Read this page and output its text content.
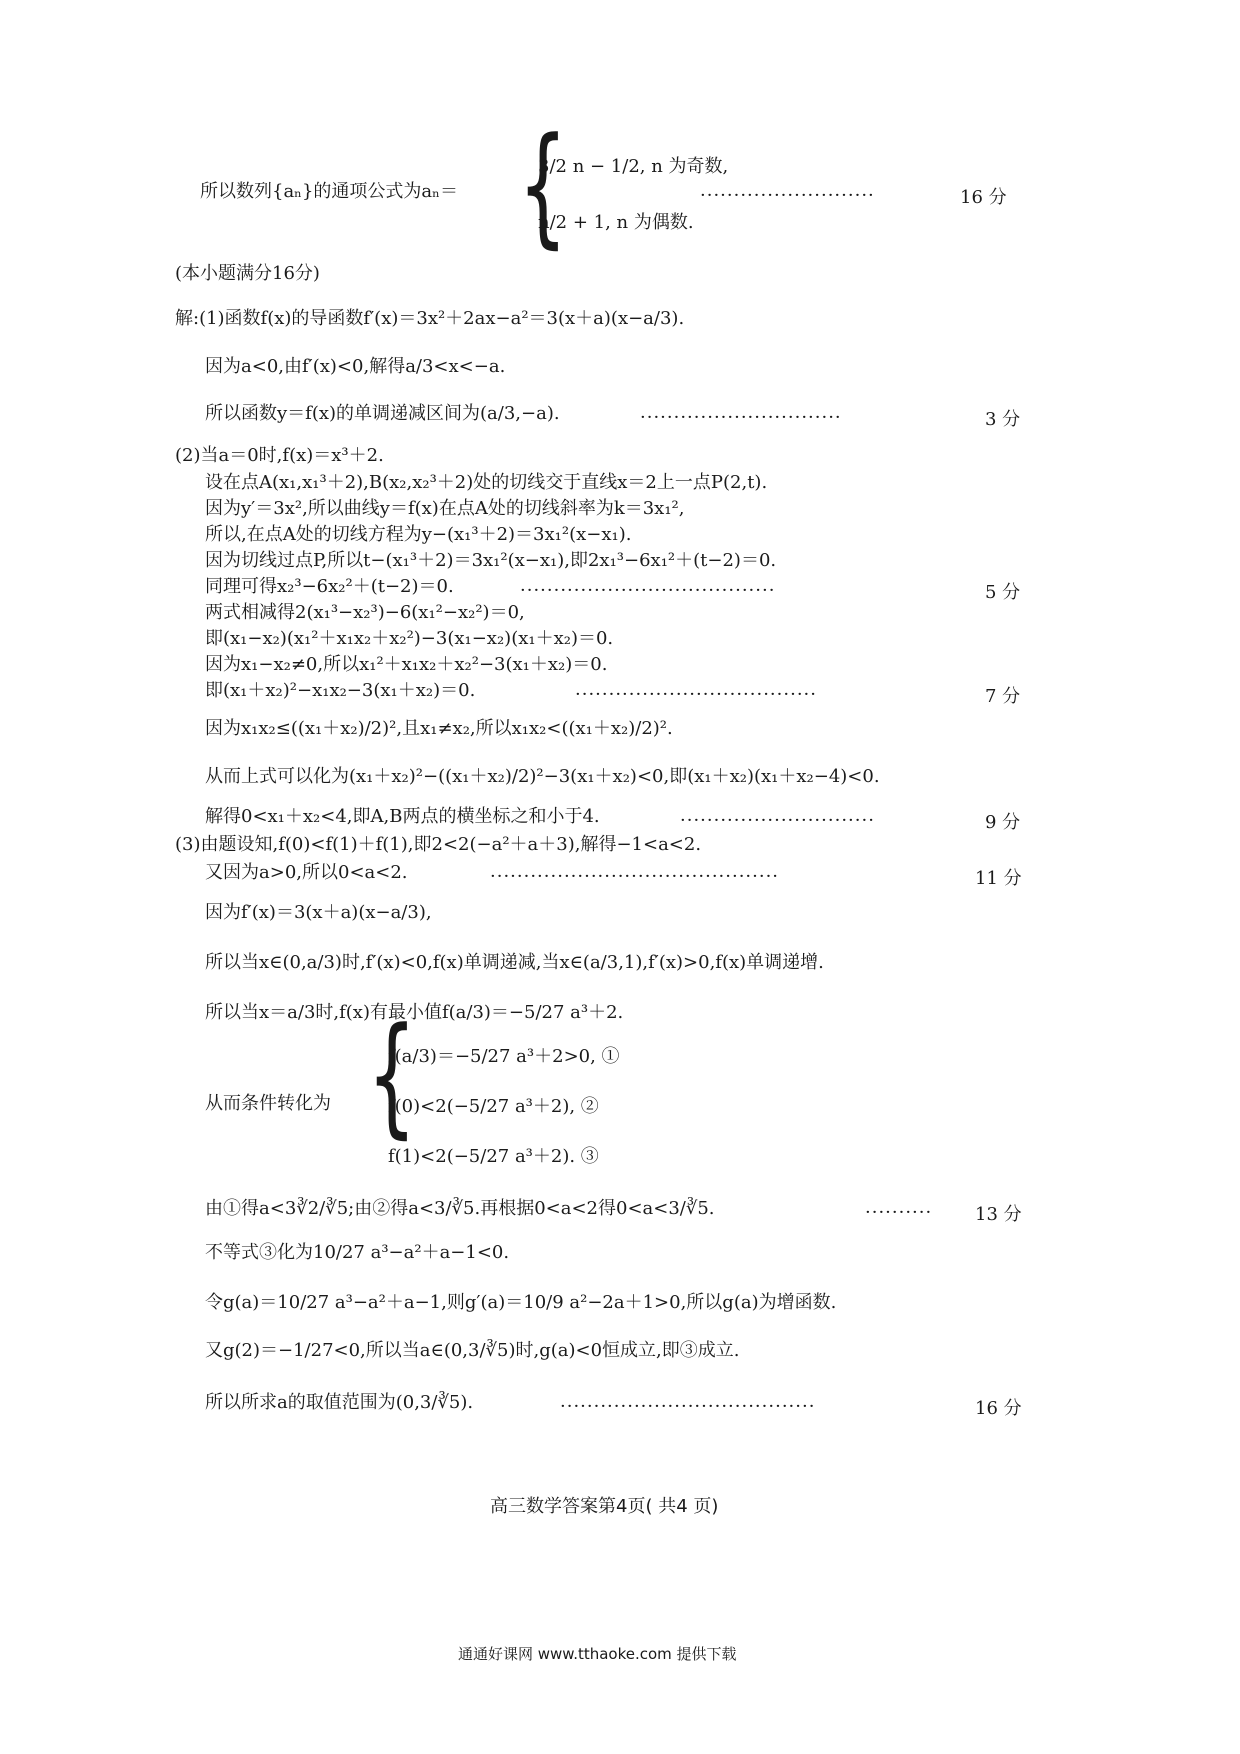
所以数列{aₙ}的通项公式为aₙ＝ {
3/2 n − 1/2, n 为奇数,
n/2 + 1, n 为偶数.
··························	16 分
(本小题满分16分)
解:(1)函数f(x)的导函数f′(x)＝3x²＋2ax−a²＝3(x＋a)(x−a/3).
因为a<0,由f′(x)<0,解得a/3<x<−a.
所以函数y＝f(x)的单调递减区间为(a/3,−a).	······························	3 分
(2)当a＝0时,f(x)＝x³＋2.
设在点A(x₁,x₁³＋2),B(x₂,x₂³＋2)处的切线交于直线x＝2上一点P(2,t).
因为y′＝3x²,所以曲线y＝f(x)在点A处的切线斜率为k＝3x₁²,
所以,在点A处的切线方程为y−(x₁³＋2)＝3x₁²(x−x₁).
因为切线过点P,所以t−(x₁³＋2)＝3x₁²(x−x₁),即2x₁³−6x₁²＋(t−2)＝0.
同理可得x₂³−6x₂²＋(t−2)＝0.	······································	5 分
两式相减得2(x₁³−x₂³)−6(x₁²−x₂²)＝0,
即(x₁−x₂)(x₁²＋x₁x₂＋x₂²)−3(x₁−x₂)(x₁＋x₂)＝0.
因为x₁−x₂≠0,所以x₁²＋x₁x₂＋x₂²−3(x₁＋x₂)＝0.
即(x₁＋x₂)²−x₁x₂−3(x₁＋x₂)＝0.	····································	7 分
因为x₁x₂≤((x₁＋x₂)/2)²,且x₁≠x₂,所以x₁x₂<((x₁＋x₂)/2)².
从而上式可以化为(x₁＋x₂)²−((x₁＋x₂)/2)²−3(x₁＋x₂)<0,即(x₁＋x₂)(x₁＋x₂−4)<0.
解得0<x₁＋x₂<4,即A,B两点的横坐标之和小于4.	·····························	9 分
(3)由题设知,f(0)<f(1)＋f(1),即2<2(−a²＋a＋3),解得−1<a<2.
又因为a>0,所以0<a<2.	···········································	11 分
因为f′(x)＝3(x＋a)(x−a/3),
所以当x∈(0,a/3)时,f′(x)<0,f(x)单调递减,当x∈(a/3,1),f′(x)>0,f(x)单调递增.
所以当x＝a/3时,f(x)有最小值f(a/3)＝−5/27 a³＋2.
从而条件转化为 {
f(a/3)＝−5/27 a³＋2>0, ①
f(0)<2(−5/27 a³＋2), ②
f(1)<2(−5/27 a³＋2). ③
由①得a<3∛2/∛5;由②得a<3/∛5.再根据0<a<2得0<a<3/∛5.	·········· 13 分
不等式③化为10/27 a³−a²＋a−1<0.
令g(a)＝10/27 a³−a²＋a−1,则g′(a)＝10/9 a²−2a＋1>0,所以g(a)为增函数.
又g(2)＝−1/27<0,所以当a∈(0,3/∛5)时,g(a)<0恒成立,即③成立.
所以所求a的取值范围为(0,3/∛5).	······································	16 分
高三数学答案第4页( 共4 页)
通通好课网 www.tthaoke.com 提供下载
